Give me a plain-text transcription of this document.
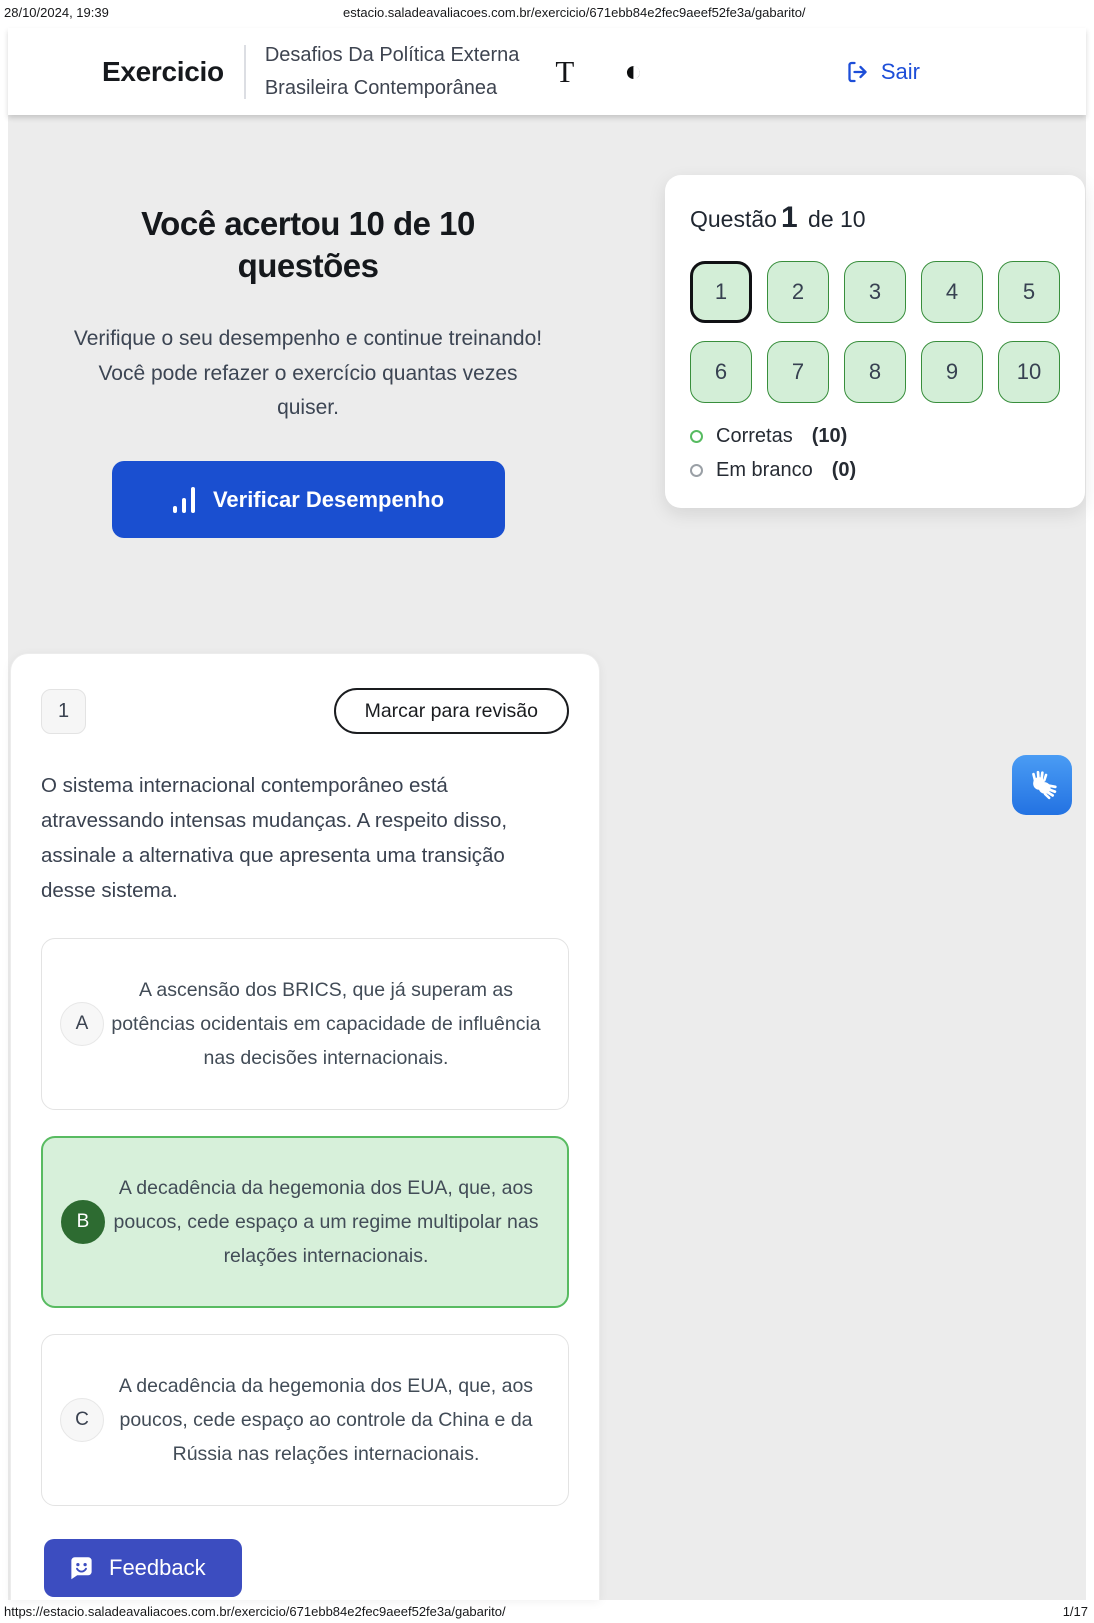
28/10/2024, 19:39	estacio.saladeavaliacoes.com.br/exercicio/671ebb84e2fec9aeef52fe3a/gabarito/
https://estacio.saladeavaliacoes.com.br/exercicio/671ebb84e2fec9aeef52fe3a/gabarito/	1/17
Exercicio
Desafios Da Política Externa
Brasileira Contemporânea	T ◐	Sair
Você acertou 10 de 10
questões

Verifique o seu desempenho e continue treinando! Você pode refazer o exercício quantas vezes quiser.

Verificar Desempenho
Questão 1 de 10
1	2	3	4	5
6	7	8	9	10
Corretas (10)
Em branco (0)
1	Marcar para revisão

O sistema internacional contemporâneo está atravessando intensas mudanças. A respeito disso, assinale a alternativa que apresenta uma transição desse sistema.

A
A ascensão dos BRICS, que já superam as potências ocidentais em capacidade de influência nas decisões internacionais.
B
A decadência da hegemonia dos EUA, que, aos poucos, cede espaço a um regime multipolar nas relações internacionais.
C
A decadência da hegemonia dos EUA, que, aos poucos, cede espaço ao controle da China e da Rússia nas relações internacionais.
Feedback
